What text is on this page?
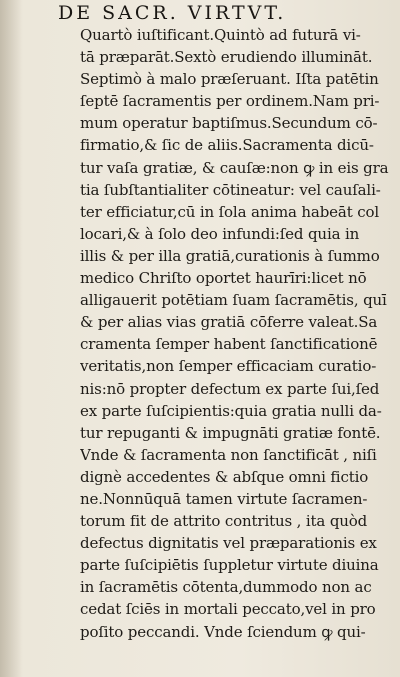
DE SACR. VIRTVT.
Quartò iuſtificant.Quintò ad futurā vi-
tā præparāt.Sextò erudiendo illumināt.
Septimò à malo præſeruant. Iſta patētin
ſeptē ſacramentis per ordinem.Nam pri-
mum operatur baptiſmus.Secundum cō-
firmatio,& ſic de aliis.Sacramenta dicū-
tur vaſa gratiæ, & cauſæ:non ꝙ in eis gra
tia ſubſtantialiter cōtineatur: vel cauſali-
ter efficiatur,cū in ſola anima habeāt col
locari,& à ſolo deo infundi:ſed quia in
illis & per illa gratiā,curationis à ſummo
medico Chriſto oportet haurīri:licet nō
alligauerit potētiam ſuam ſacramētis, quī
& per alias vias gratiā cōferre valeat.Sa
cramenta ſemper habent ſanctificationē
veritatis,non ſemper efficaciam curatio-
nis:nō propter defectum ex parte ſui,ſed
ex parte ſuſcipientis:quia gratia nulli da-
tur repuganti & impugnāti gratiæ fontē.
Vnde & ſacramenta non ſanctificāt , niſi
dignè accedentes & abſque omni fictio
ne.Nonnūquā tamen virtute ſacramen-
torum fit de attrito contritus , ita quòd
defectus dignitatis vel præparationis ex
parte ſuſcipiētis ſuppletur virtute diuina
in ſacramētis cōtenta,dummodo non ac
cedat ſciēs in mortali peccato,vel in pro
poſito peccandi. Vnde ſciendum ꝙ qui-
